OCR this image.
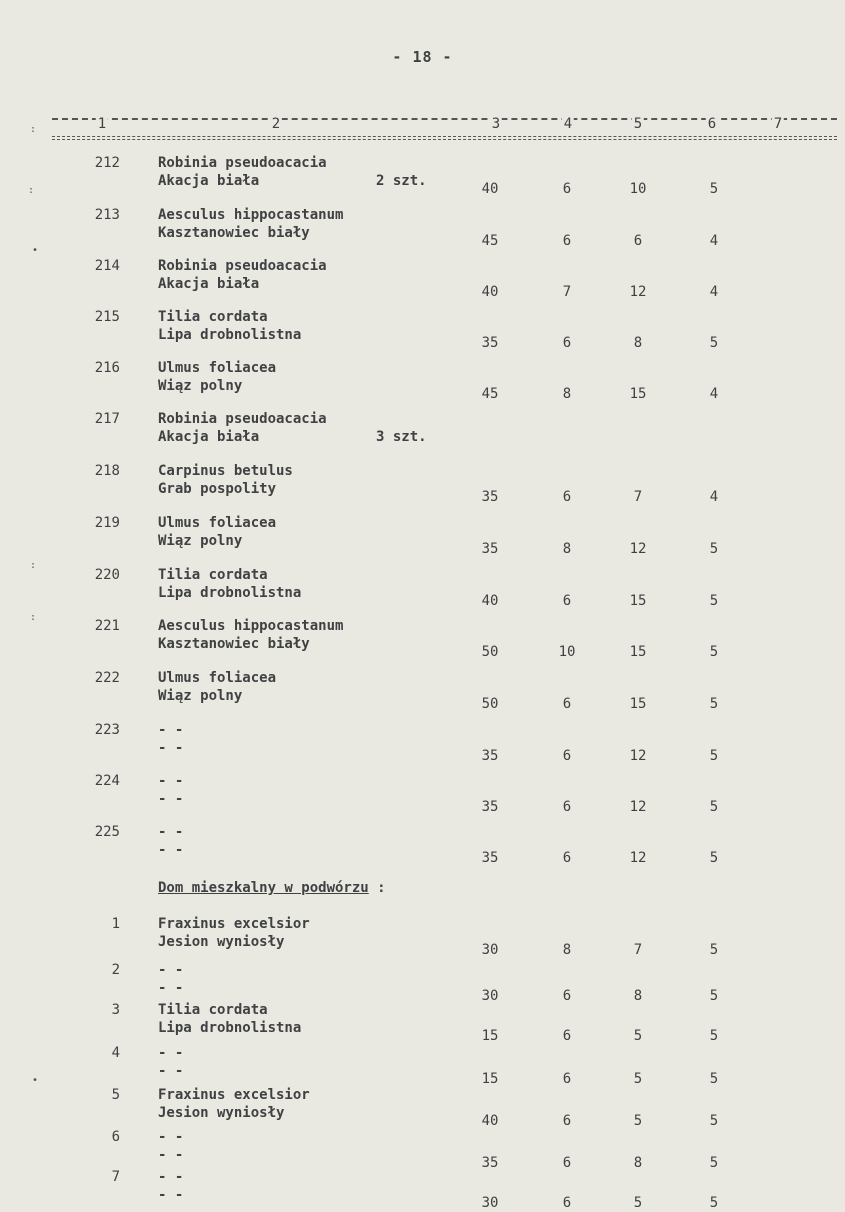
- 18 -
1	2	3	4	5	6	7
212	Robinia pseudoacacia
Akacja biała	2 szt.	40	6	10	5
213	Aesculus hippocastanum
Kasztanowiec biały	45	6	6	4
214	Robinia pseudoacacia
Akacja biała	40	7	12	4
215	Tilia cordata
Lipa drobnolistna	35	6	8	5
216	Ulmus foliacea
Wiąz polny	45	8	15	4
217	Robinia pseudoacacia
Akacja biała	3 szt.
218	Carpinus betulus
Grab pospolity	35	6	7	4
219	Ulmus foliacea
Wiąz polny	35	8	12	5
220	Tilia cordata
Lipa drobnolistna	40	6	15	5
221	Aesculus hippocastanum
Kasztanowiec biały	50	10	15	5
222	Ulmus foliacea
Wiąz polny	50	6	15	5
223	- -
- -	35	6	12	5
224	- -
- -	35	6	12	5
225	- -
- -	35	6	12	5
1	Fraxinus excelsior
Jesion wyniosły	30	8	7	5
2	- -
- -	30	6	8	5
3	Tilia cordata
Lipa drobnolistna	15	6	5	5
4	- -
- -	15	6	5	5
5	Fraxinus excelsior
Jesion wyniosły	40	6	5	5
6	- -
- -	35	6	8	5
7	- -
- -	30	6	5	5
Dom mieszkalny w podwórzu :
:
:
•
:
:
•
